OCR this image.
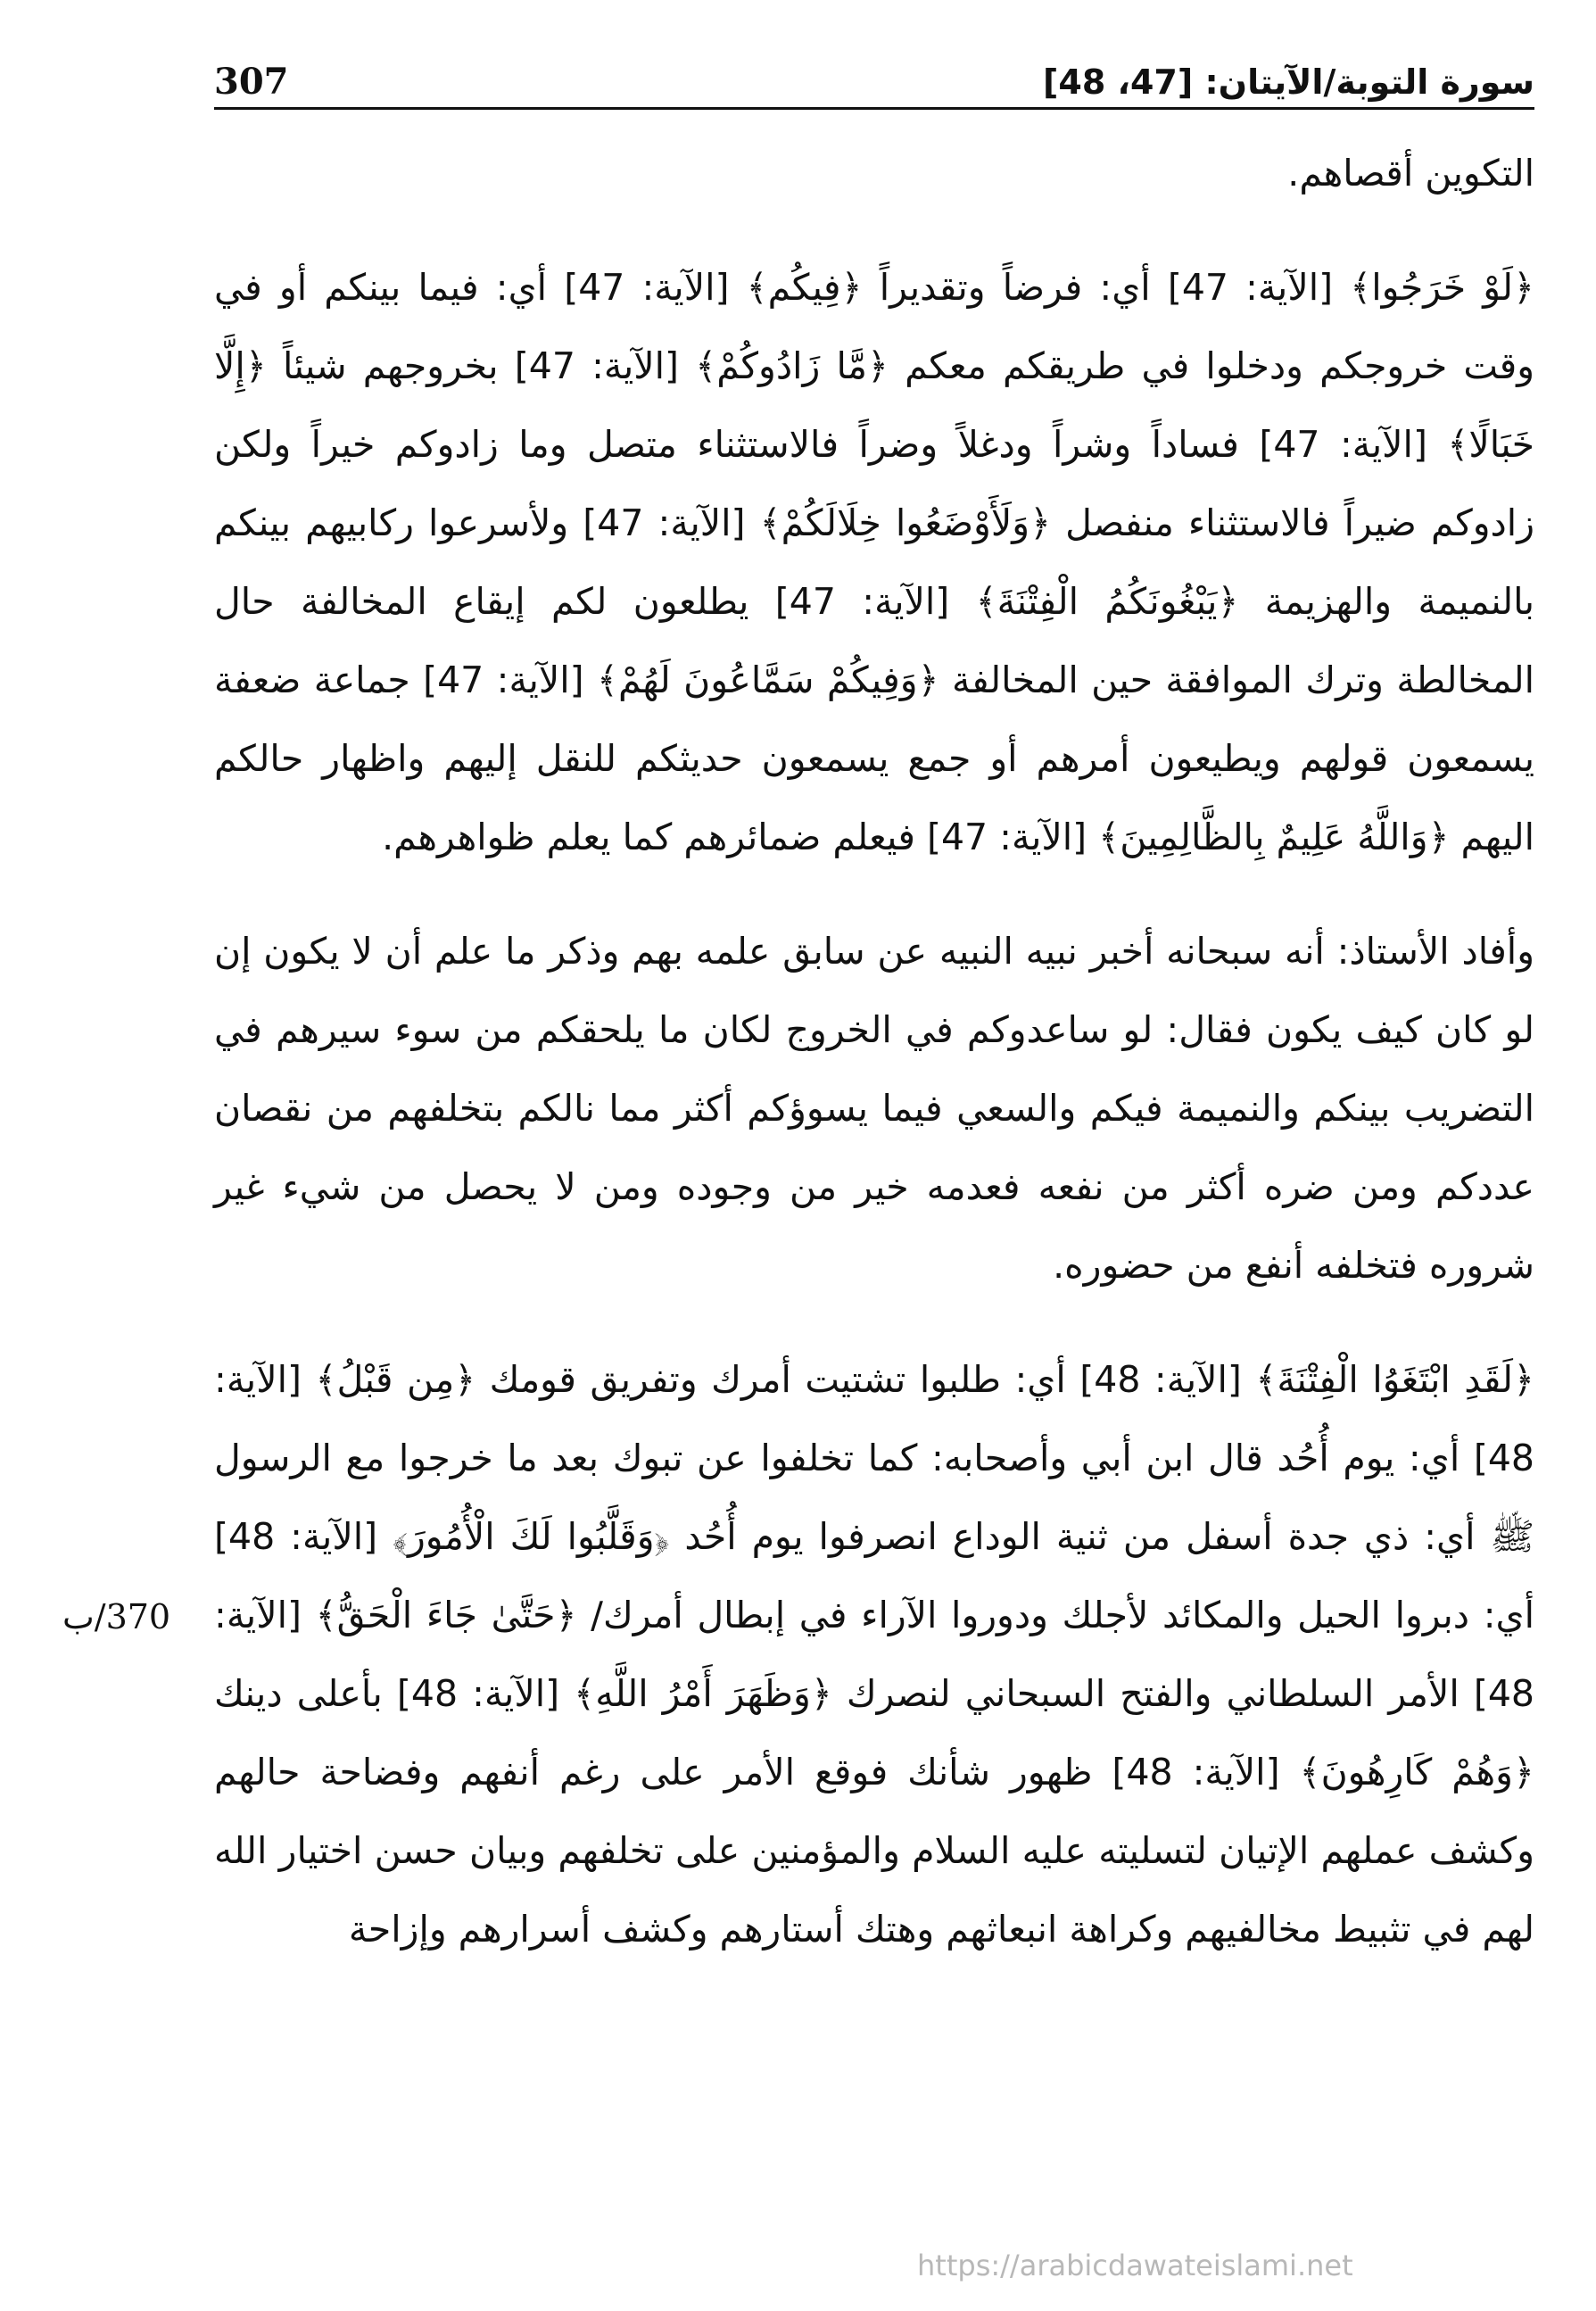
307	سورة التوبة/الآيتان: [47، 48]

التكوين أقصاهم.

﴿لَوْ خَرَجُوا﴾ [الآية: 47] أي: فرضاً وتقديراً ﴿فِيكُم﴾ [الآية: 47] أي: فيما بينكم أو في وقت خروجكم ودخلوا في طريقكم معكم ﴿مَّا زَادُوكُمْ﴾ [الآية: 47] بخروجهم شيئاً ﴿إِلَّا خَبَالًا﴾ [الآية: 47] فساداً وشراً ودغلاً وضراً فالاستثناء متصل وما زادوكم خيراً ولكن زادوكم ضيراً فالاستثناء منفصل ﴿وَلَأَوْضَعُوا خِلَالَكُمْ﴾ [الآية: 47] ولأسرعوا ركابيهم بينكم بالنميمة والهزيمة ﴿يَبْغُونَكُمُ الْفِتْنَةَ﴾ [الآية: 47] يطلعون لكم إيقاع المخالفة حال المخالطة وترك الموافقة حين المخالفة ﴿وَفِيكُمْ سَمَّاعُونَ لَهُمْ﴾ [الآية: 47] جماعة ضعفة يسمعون قولهم ويطيعون أمرهم أو جمع يسمعون حديثكم للنقل إليهم واظهار حالكم اليهم ﴿وَاللَّهُ عَلِيمٌ بِالظَّالِمِينَ﴾ [الآية: 47] فيعلم ضمائرهم كما يعلم ظواهرهم.

وأفاد الأستاذ: أنه سبحانه أخبر نبيه النبيه عن سابق علمه بهم وذكر ما علم أن لا يكون إن لو كان كيف يكون فقال: لو ساعدوكم في الخروج لكان ما يلحقكم من سوء سيرهم في التضريب بينكم والنميمة فيكم والسعي فيما يسوؤكم أكثر مما نالكم بتخلفهم من نقصان عددكم ومن ضره أكثر من نفعه فعدمه خير من وجوده ومن لا يحصل من شيء غير شروره فتخلفه أنفع من حضوره.

﴿لَقَدِ ابْتَغَوُا الْفِتْنَةَ﴾ [الآية: 48] أي: طلبوا تشتيت أمرك وتفريق قومك ﴿مِن قَبْلُ﴾ [الآية: 48] أي: يوم أُحُد قال ابن أبي وأصحابه: كما تخلفوا عن تبوك بعد ما خرجوا مع الرسول ﷺ أي: ذي جدة أسفل من ثنية الوداع انصرفوا يوم أُحُد ﴿وَقَلَّبُوا لَكَ الْأُمُورَ﴾ [الآية: 48] أي: دبروا الحيل والمكائد لأجلك ودوروا الآراء في إبطال أمرك/ ﴿حَتَّىٰ جَاءَ الْحَقُّ﴾ [الآية: 48] الأمر السلطاني والفتح السبحاني لنصرك ﴿وَظَهَرَ أَمْرُ اللَّهِ﴾ [الآية: 48] بأعلى دينك ﴿وَهُمْ كَارِهُونَ﴾ [الآية: 48] ظهور شأنك فوقع الأمر على رغم أنفهم وفضاحة حالهم وكشف عملهم الإتيان لتسليته عليه السلام والمؤمنين على تخلفهم وبيان حسن اختيار الله لهم في تثبيط مخالفيهم وكراهة انبعاثهم وهتك أستارهم وكشف أسرارهم وإزاحة

370/ب
https://arabicdawateislami.net
